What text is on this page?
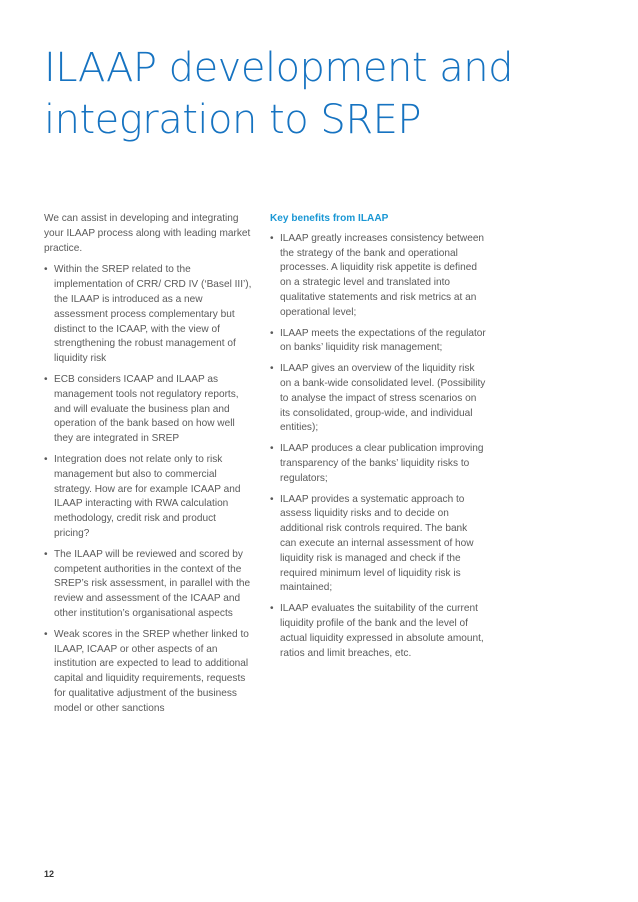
ILAAP development and integration to SREP

We can assist in developing and integrating your ILAAP process along with leading market practice.

• Within the SREP related to the implementation of CRR/ CRD IV (‘Basel III’), the ILAAP is introduced as a new assessment process complementary but distinct to the ICAAP, with the view of strengthening the robust management of liquidity risk
• ECB considers ICAAP and ILAAP as management tools not regulatory reports, and will evaluate the business plan and operation of the bank based on how well they are integrated in SREP
• Integration does not relate only to risk management but also to commercial strategy. How are for example ICAAP and ILAAP interacting with RWA calculation methodology, credit risk and product pricing?
• The ILAAP will be reviewed and scored by competent authorities in the context of the SREP’s risk assessment, in parallel with the review and assessment of the ICAAP and other institution’s organisational aspects
• Weak scores in the SREP whether linked to ILAAP, ICAAP or other aspects of an institution are expected to lead to additional capital and liquidity requirements, requests for qualitative adjustment of the business model or other sanctions
Key benefits from ILAAP
• ILAAP greatly increases consistency between the strategy of the bank and operational processes. A liquidity risk appetite is defined on a strategic level and translated into qualitative statements and risk metrics at an operational level;
• ILAAP meets the expectations of the regulator on banks’ liquidity risk management;
• ILAAP gives an overview of the liquidity risk on a bank-wide consolidated level. (Possibility to analyse the impact of stress scenarios on its consolidated, group-wide, and individual entities);
• ILAAP produces a clear publication improving transparency of the banks’ liquidity risks to regulators;
• ILAAP provides a systematic approach to assess liquidity risks and to decide on additional risk controls required. The bank can execute an internal assessment of how liquidity risk is managed and check if the required minimum level of liquidity risk is maintained;
• ILAAP evaluates the suitability of the current liquidity profile of the bank and the level of actual liquidity expressed in absolute amount, ratios and limit breaches, etc.
12
